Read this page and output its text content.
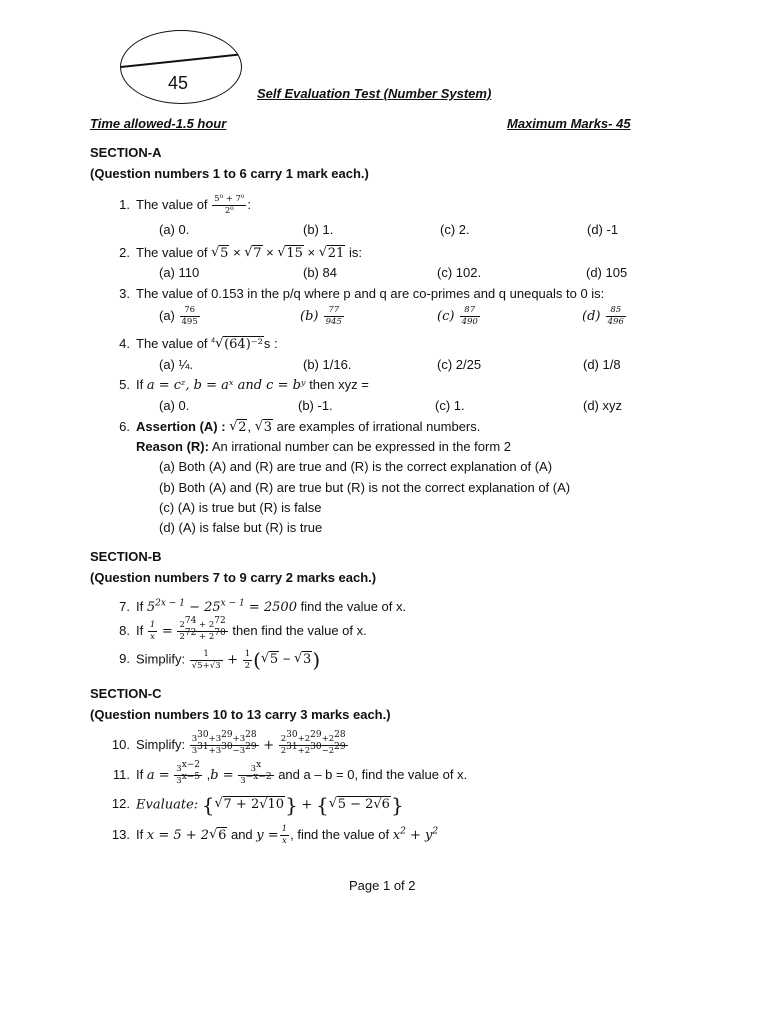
45
Self Evaluation Test (Number System)
Time allowed-1.5 hour	Maximum Marks- 45
SECTION-A
(Question numbers 1 to 6 carry 1 mark each.)
1. The value of $\frac{\text{5⁰ + 7⁰}}{\text{2⁰}}$ :
(a) 0.	(b) 1.	(c) 2.	(d) -1
2. The value of √ 5 × √ 7 × √ 15 × √ 21 is:
(a) 110	(b) 84	(c) 102.	(d) 105
3. The value of 0.153 in the p/q where p and q are co-primes and q unequals to 0 is:
$(a) \frac{76}{495}$	$(b) \frac{77}{945}$	$(c) \frac{87}{490}$	$(d) \frac{85}{496}$
4. The value of $^4$ √ (64)⁻²s :
(a) ¼.	(b) 1/16.	(c) 2/25	(d) 1/8
5. If a = cᶻ, b = aˣ and c = bʸ then xyz =
(a) 0.	(b) -1.	(c) 1.	(d) xyz
6. Assertion (A) : √ 2, √ 3 are examples of irrational numbers.
Reason (R): An irrational number can be expressed in the form 2
(a) Both (A) and (R) are true and (R) is the correct explanation of (A)
(b) Both (A) and (R) are true but (R) is not the correct explanation of (A)
(c) (A) is true but (R) is false
(d) (A) is false but (R) is true
SECTION-B
(Question numbers 7 to 9 carry 2 marks each.)
7. If $5^{2x - 1} - 25^{x - 1} = 2500$ find the value of x.
8. If $\frac{1}{x} = \frac{2^{74} + 2^{72}}{2^{72} + 2^{70}}$ then find the value of x.
9. Simplify: $\frac{1}{√5+√3} + \frac{1}{2}$ ( √ 5 − √ 3)
SECTION-C
(Question numbers 10 to 13 carry 3 marks each.)
10. Simplify: $\frac{3^{30}+3^{29}+3^{28}}{3^{31}+3^{30}-3^{29}} + \frac{2^{30}+2^{29}+2^{28}}{2^{31}+2^{30}-2^{29}}$
11. If $a = \frac{3^{x-2}}{3^{x-5}} ,b = \frac{3^x}{3^{-x-2}}$ and a – b = 0, find the value of x.
12. Evaluate: { √ 7 + 2√10} + { √ 5 − 2√6}
13. If x = 5 + 2 √ 6 and $y = \frac{1}{x}$ , find the value of $x^2 + y^2$
Page 1 of 2
